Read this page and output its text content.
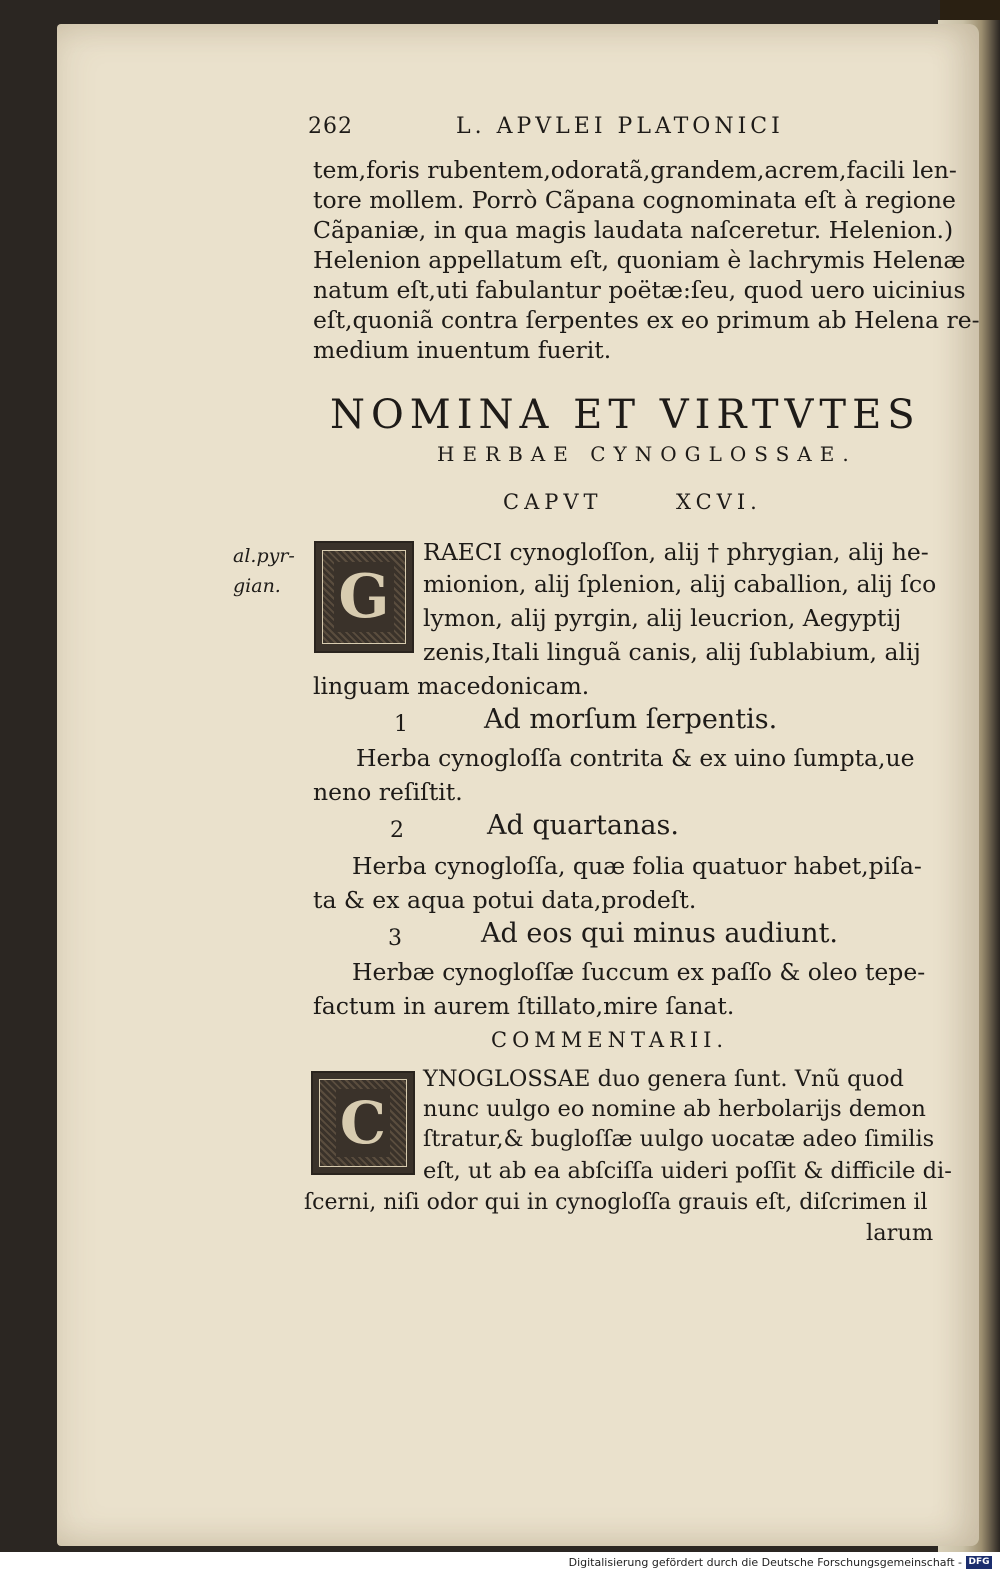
262	L. APVLEI PLATONICI
tem,foris rubentem,odoratã,grandem,acrem,facili len-
tore mollem. Porrò Cãpana cognominata eſt à regione
Cãpaniæ, in qua magis laudata naſceretur. Helenion.)
Helenion appellatum eſt, quoniam è lachrymis Helenæ
natum eſt,uti fabulantur poëtæ:ſeu, quod uero uicinius
eſt,quoniã contra ſerpentes ex eo primum ab Helena re-
medium inuentum fuerit.
NOMINA ET VIRTVTES
HERBAE CYNOGLOSSAE.
CAPVT	XCVI.
al.pyr-
gian. G
RAECI cynogloſſon, alij † phrygian, alij he-
mionion, alij ſplenion, alij caballion, alij ſco
lymon, alij pyrgin, alij leucrion, Aegyptij
zenis,Itali linguã canis, alij ſublabium, alij
linguam macedonicam.
1	Ad morſum ſerpentis.
Herba cynogloſſa contrita & ex uino ſumpta,ue
neno reſiſtit.
2	Ad quartanas.
Herba cynogloſſa, quæ folia quatuor habet,piſa-
ta & ex aqua potui data,prodeſt.
3	Ad eos qui minus audiunt.
Herbæ cynogloſſæ ſuccum ex paſſo & oleo tepe-
factum in aurem ſtillato,mire ſanat.
COMMENTARII.
C
YNOGLOSSAE duo genera ſunt. Vnũ quod
nunc uulgo eo nomine ab herbolarijs demon
ſtratur,& bugloſſæ uulgo uocatæ adeo ſimilis
eſt, ut ab ea abſciſſa uideri poſſit & difficile di-
ſcerni, niſi odor qui in cynogloſſa grauis eſt, diſcrimen il
larum
Digitalisierung gefördert durch die Deutsche Forschungsgemeinschaft - DFG
